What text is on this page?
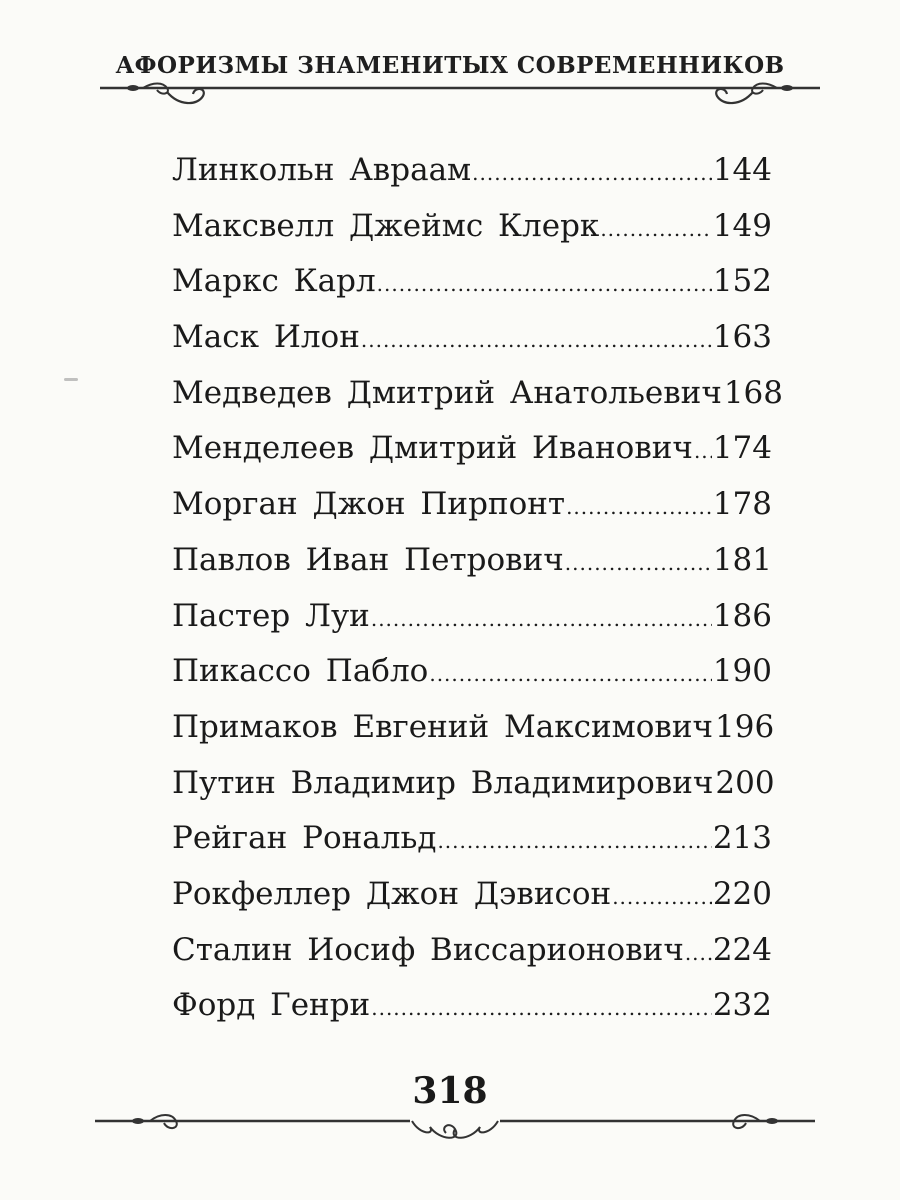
АФОРИЗМЫ ЗНАМЕНИТЫХ СОВРЕМЕННИКОВ
Линкольн Авраам .....	144
Максвелл Джеймс Клерк .....	149
Маркс Карл .....	152
Маск Илон .....	163
Медведев Дмитрий Анатольевич 168
Менделеев Дмитрий Иванович ..... 174
Морган Джон Пирпонт .....	178
Павлов Иван Петрович .....	181
Пастер Луи .....	186
Пикассо Пабло .....	190
Примаков Евгений Максимович 196
Путин Владимир Владимирович 200
Рейган Рональд .....	213
Рокфеллер Джон Дэвисон .....	220
Сталин Иосиф Виссарионович ..... 224
Форд Генри .....	232
318
